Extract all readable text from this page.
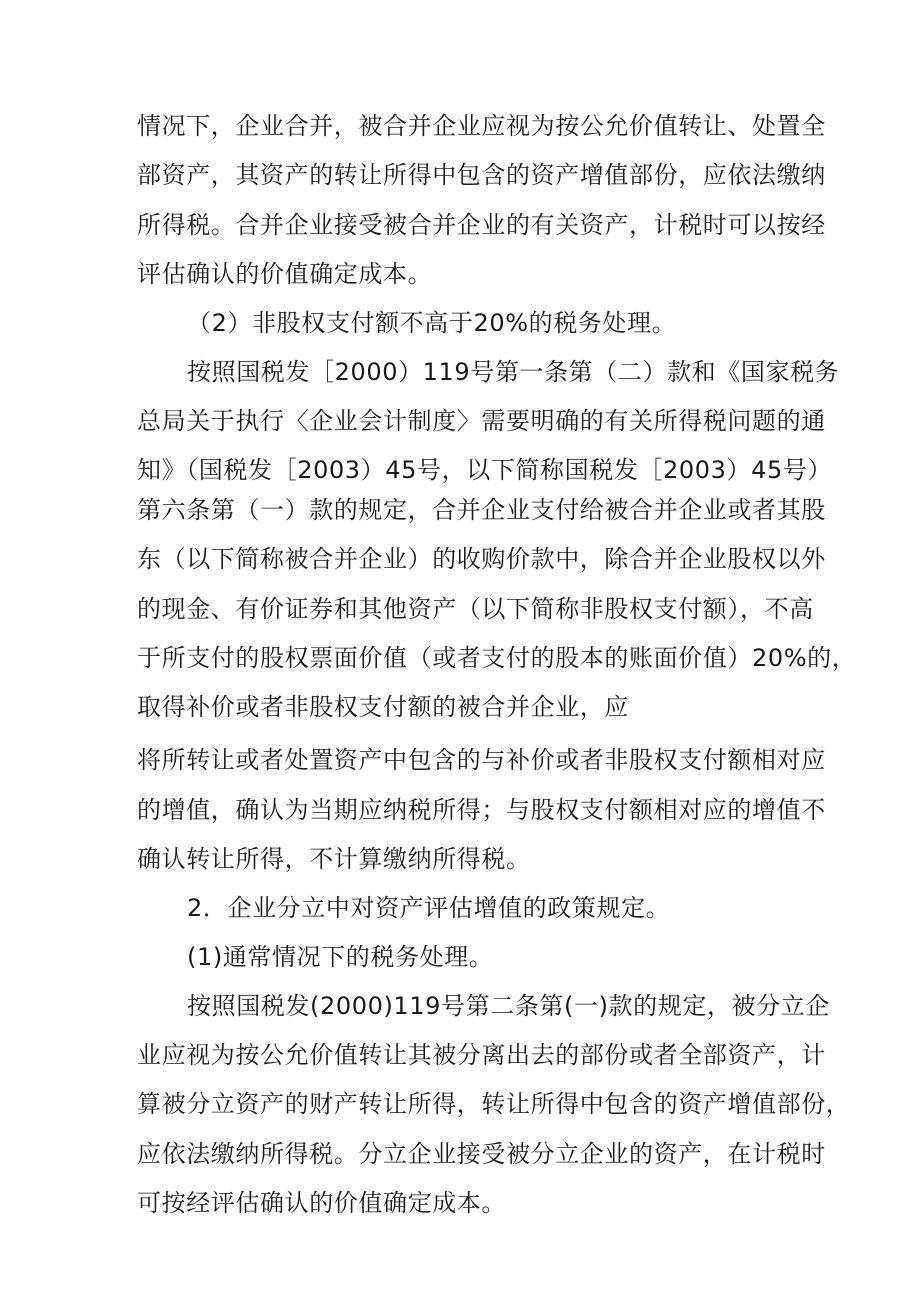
情况下，企业合并，被合并企业应视为按公允价值转让、处置全
部资产，其资产的转让所得中包含的资产增值部份，应依法缴纳
所得税。合并企业接受被合并企业的有关资产，计税时可以按经
评估确认的价值确定成本。
（2）非股权支付额不高于20%的税务处理。
按照国税发［2000）119号第一条第（二）款和《国家税务
总局关于执行〈企业会计制度〉需要明确的有关所得税问题的通
知》（国税发［2003）45号，以下简称国税发［2003）45号）
第六条第（一）款的规定，合并企业支付给被合并企业或者其股
东（以下简称被合并企业）的收购价款中，除合并企业股权以外
的现金、有价证券和其他资产（以下简称非股权支付额），不高
于所支付的股权票面价值（或者支付的股本的账面价值）20%的，
取得补价或者非股权支付额的被合并企业，应
将所转让或者处置资产中包含的与补价或者非股权支付额相对应
的增值，确认为当期应纳税所得；与股权支付额相对应的增值不
确认转让所得，不计算缴纳所得税。
2．企业分立中对资产评估增值的政策规定。
(1)通常情况下的税务处理。
按照国税发(2000)119号第二条第(一)款的规定，被分立企
业应视为按公允价值转让其被分离出去的部份或者全部资产，计
算被分立资产的财产转让所得，转让所得中包含的资产增值部份，
应依法缴纳所得税。分立企业接受被分立企业的资产，在计税时
可按经评估确认的价值确定成本。
